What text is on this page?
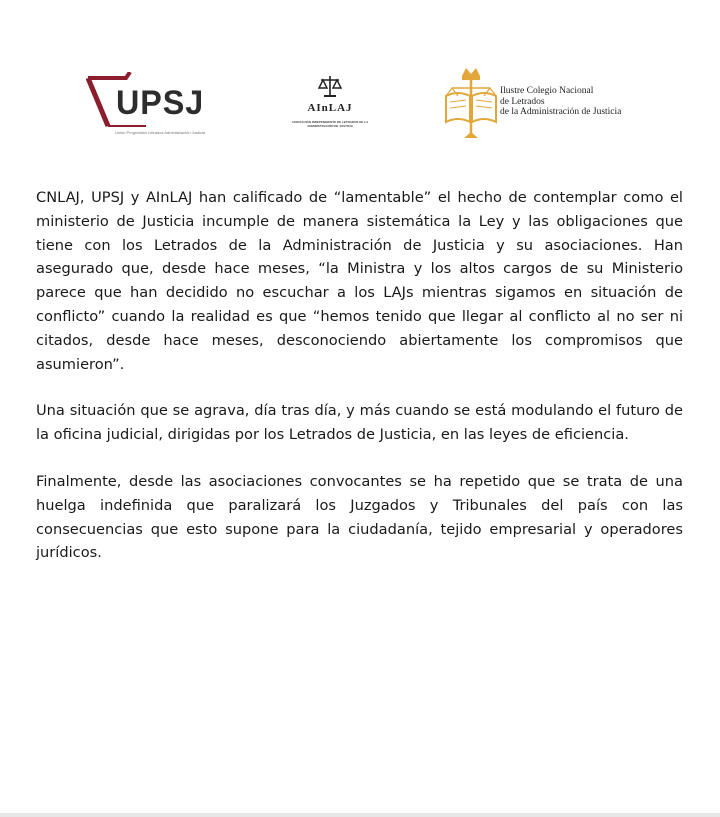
UPSJ
Unión Progresista Letrados Administración Justicia
AInLAJ
ASOCIACIÓN INDEPENDIENTE DE LETRADOS DE LA ADMINISTRACIÓN DE JUSTICIA
Ilustre Colegio Nacional
de Letrados
de la Administración de Justicia

CNLAJ, UPSJ y AInLAJ han calificado de “lamentable” el hecho de contemplar como el ministerio de Justicia incumple de manera sistemática la Ley y las obligaciones que tiene con los Letrados de la Administración de Justicia y su asociaciones. Han asegurado que, desde hace meses, “la Ministra y los altos cargos de su Ministerio parece que han decidido no escuchar a los LAJs mientras sigamos en situación de conflicto” cuando la realidad es que “hemos tenido que llegar al conflicto al no ser ni citados, desde hace meses, desconociendo abiertamente los compromisos que asumieron”.

Una situación que se agrava, día tras día, y más cuando se está modulando el futuro de la oficina judicial, dirigidas por los Letrados de Justicia, en las leyes de eficiencia.

Finalmente, desde las asociaciones convocantes se ha repetido que se trata de una huelga indefinida que paralizará los Juzgados y Tribunales del país con las consecuencias que esto supone para la ciudadanía, tejido empresarial y operadores jurídicos.
